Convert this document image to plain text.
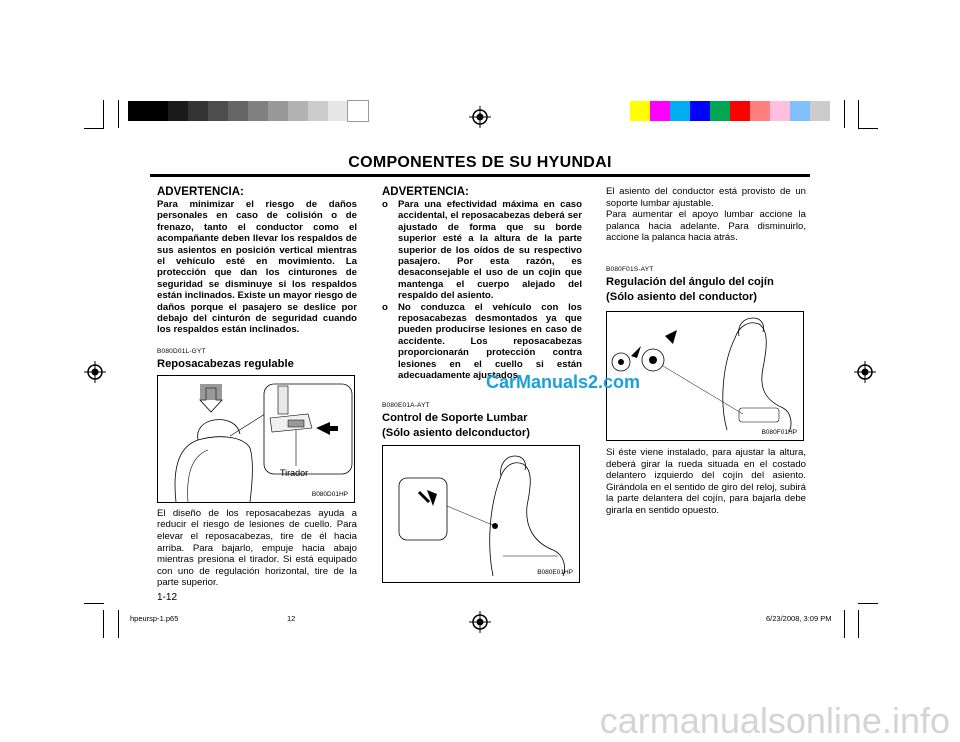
COMPONENTES DE SU HYUNDAI
ADVERTENCIA:

Para minimizar el riesgo de daños personales en caso de colisión o de frenazo, tanto el conductor como el acompañante deben llevar los respaldos de sus asientos en posición vertical mientras el vehículo esté en movimiento. La protección que dan los cinturones de seguridad se disminuye si los respaldos están inclinados. Existe un mayor riesgo de daños porque el pasajero se deslice por debajo del cinturón de seguridad cuando los respaldos están inclinados.

B080D01L-GYT
Reposacabezas regulable
Tirador
B080D01HP

El diseño de los reposacabezas ayuda a reducir el riesgo de lesiones de cuello. Para elevar el reposacabezas, tire de él hacia arriba. Para bajarlo, empuje hacia abajo mientras presiona el tirador. Si está equipado con uno de regulación horizontal, tire de la parte superior.

1-12
ADVERTENCIA:
o	Para una efectividad máxima en caso accidental, el reposacabezas deberá ser ajustado de forma que su borde superior esté a la altura de la parte superior de los oídos de su respectivo pasajero. Por esta razón, es desaconsejable el uso de un cojín que mantenga el cuerpo alejado del respaldo del asiento.
o	No conduzca el vehículo con los reposacabezas desmontados ya que pueden producirse lesiones en caso de accidente. Los reposacabezas proporcionarán protección contra lesiones en el cuello si están adecuadamente ajustados.
B080E01A-AYT
Control de Soporte Lumbar
(Sólo asiento delconductor)
B080E01HP

El asiento del conductor está provisto de un soporte lumbar ajustable.
Para aumentar el apoyo lumbar accione la palanca hacia adelante. Para disminuirlo, accione la palanca hacia atrás.

B080F01S-AYT
Regulación del ángulo del cojín
(Sólo asiento del conductor)
B080F01HP

Si éste viene instalado, para ajustar la altura, deberá girar la rueda situada en el costado delantero izquierdo del cojín del asiento. Girándola en el sentido de giro del reloj, subirá la parte delantera del cojín, para bajarla debe girarla en sentido opuesto.

CarManuals2.com
carmanualsonline.info
hpeursp-1.p65	12	6/23/2008, 3:09 PM
